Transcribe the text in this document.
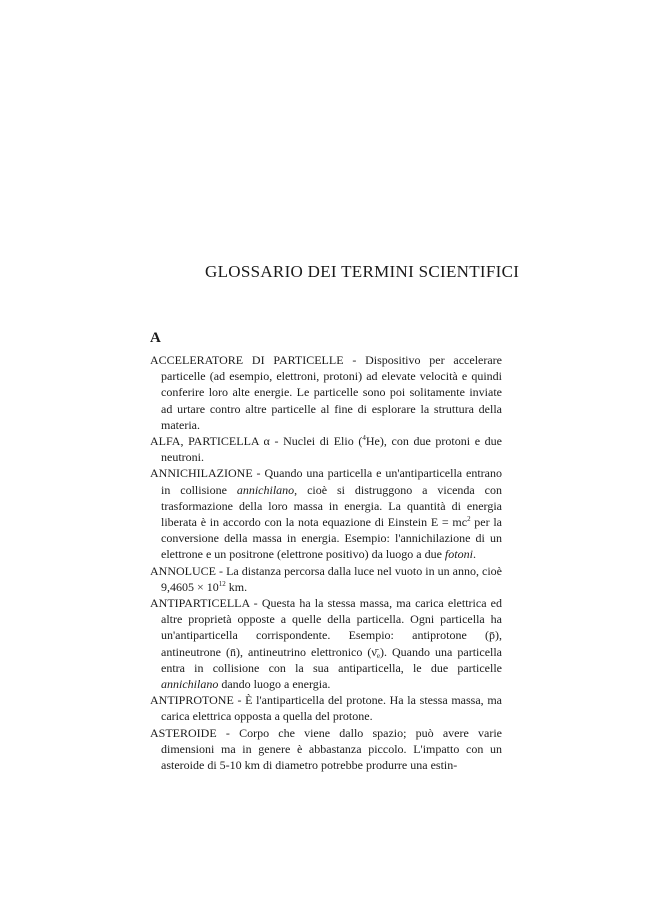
GLOSSARIO DEI TERMINI SCIENTIFICI
A

ACCELERATORE DI PARTICELLE - Dispositivo per accelerare particelle (ad esempio, elettroni, protoni) ad elevate velocità e quindi conferire loro alte energie. Le particelle sono poi solitamente inviate ad urtare contro altre particelle al fine di esplorare la struttura della materia.

ALFA, PARTICELLA α - Nuclei di Elio ($^4$He), con due protoni e due neutroni.

ANNICHILAZIONE - Quando una particella e un'antiparticella entrano in collisione annichilano, cioè si distruggono a vicenda con trasformazione della loro massa in energia. La quantità di energia liberata è in accordo con la nota equazione di Einstein $E = mc^2$ per la conversione della massa in energia. Esempio: l'annichilazione di un elettrone e un positrone (elettrone positivo) da luogo a due fotoni.

ANNOLUCE - La distanza percorsa dalla luce nel vuoto in un anno, cioè $9,4605 \times 10^{12}$ km.

ANTIPARTICELLA - Questa ha la stessa massa, ma carica elettrica ed altre proprietà opposte a quelle della particella. Ogni particella ha un'antiparticella corrispondente. Esempio: antiprotone (p̄), antineutrone (n̄), antineutrino elettronico $(\nū_e)$. Quando una particella entra in collisione con la sua antiparticella, le due particelle annichilano dando luogo a energia.

ANTIPROTONE - È l'antiparticella del protone. Ha la stessa massa, ma carica elettrica opposta a quella del protone.

ASTEROIDE - Corpo che viene dallo spazio; può avere varie dimensioni ma in genere è abbastanza piccolo. L'impatto con un asteroide di 5-10 km di diametro potrebbe produrre una estin-
